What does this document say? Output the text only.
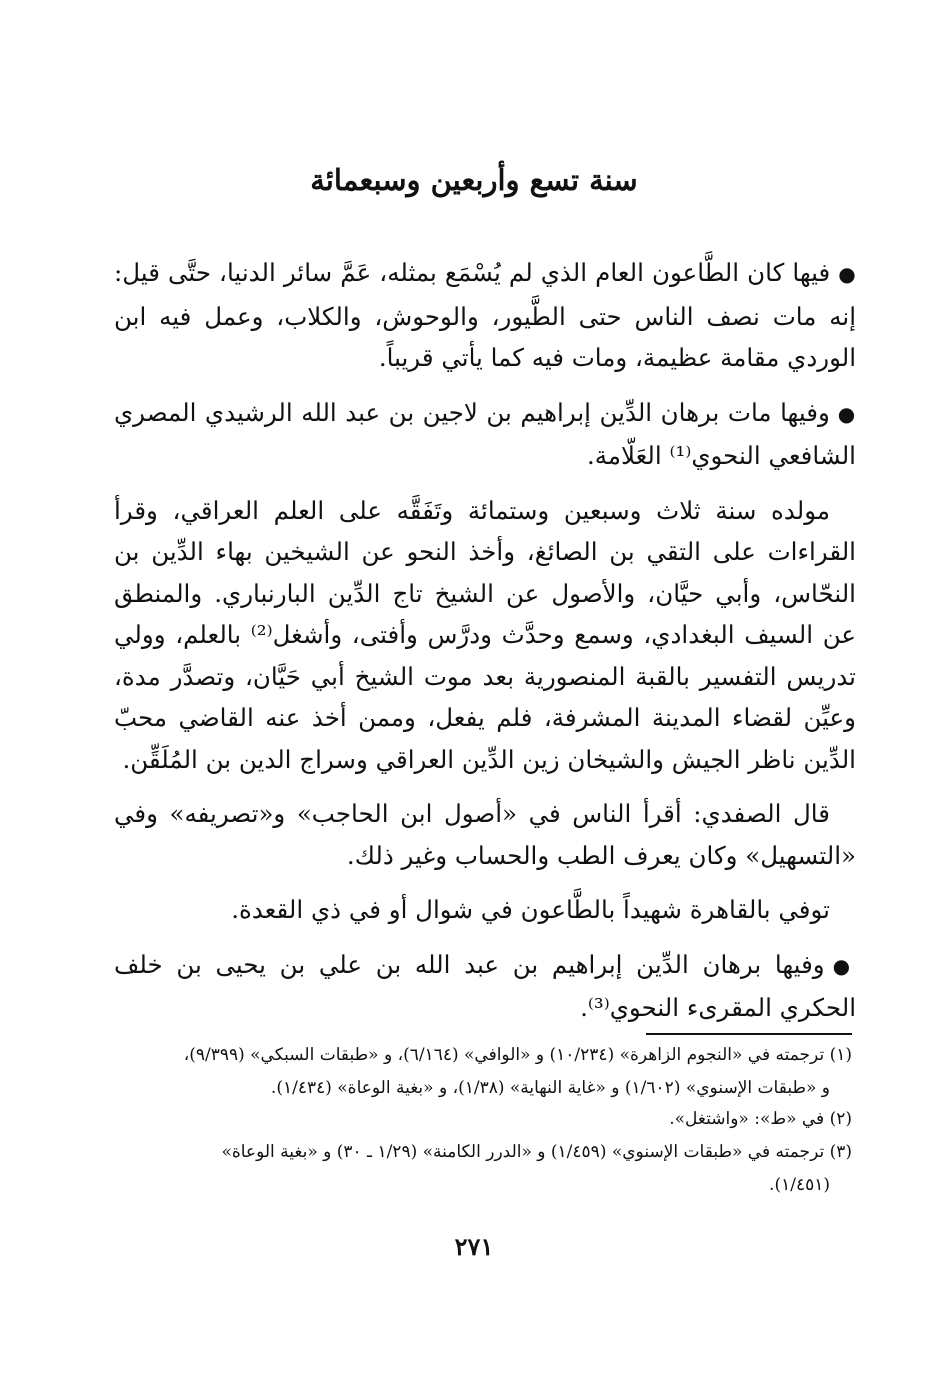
سنة تسع وأربعين وسبعمائة

●فيها كان الطَّاعون العام الذي لم يُسْمَع بمثله، عَمَّ سائر الدنيا، حتَّى قيل: إنه مات نصف الناس حتى الطَّيور، والوحوش، والكلاب، وعمل فيه ابن الوردي مقامة عظيمة، ومات فيه كما يأتي قريباً.

●وفيها مات برهان الدِّين إبراهيم بن لاجين بن عبد الله الرشيدي المصري الشافعي النحوي⁽¹⁾ العَلّامة.

مولده سنة ثلاث وسبعين وستمائة وتَفَقَّه على العلم العراقي، وقرأ القراءات على التقي بن الصائغ، وأخذ النحو عن الشيخين بهاء الدِّين بن النحّاس، وأبي حيَّان، والأصول عن الشيخ تاج الدِّين البارنباري. والمنطق عن السيف البغدادي، وسمع وحدَّث ودرَّس وأفتى، وأشغل⁽²⁾ بالعلم، وولي تدريس التفسير بالقبة المنصورية بعد موت الشيخ أبي حَيَّان، وتصدَّر مدة، وعيِّن لقضاء المدينة المشرفة، فلم يفعل، وممن أخذ عنه القاضي محبّ الدِّين ناظر الجيش والشيخان زين الدِّين العراقي وسراج الدين بن المُلَقِّن.

قال الصفدي: أقرأ الناس في «أصول ابن الحاجب» و«تصريفه» وفي «التسهيل» وكان يعرف الطب والحساب وغير ذلك.

توفي بالقاهرة شهيداً بالطَّاعون في شوال أو في ذي القعدة.

●وفيها برهان الدِّين إبراهيم بن عبد الله بن علي بن يحيى بن خلف الحكري المقرىء النحوي⁽³⁾.

(١) ترجمته في «النجوم الزاهرة» (١٠/٢٣٤) و «الوافي» (٦/١٦٤)، و «طبقات السبكي» (٩/٣٩٩)،

و «طبقات الإسنوي» (١/٦٠٢) و «غاية النهاية» (١/٣٨)، و «بغية الوعاة» (١/٤٣٤).

(٢) في «ط»: «واشتغل».

(٣) ترجمته في «طبقات الإسنوي» (١/٤٥٩) و «الدرر الكامنة» (١/٢٩ ـ ٣٠) و «بغية الوعاة»

(١/٤٥١).

٢٧١
